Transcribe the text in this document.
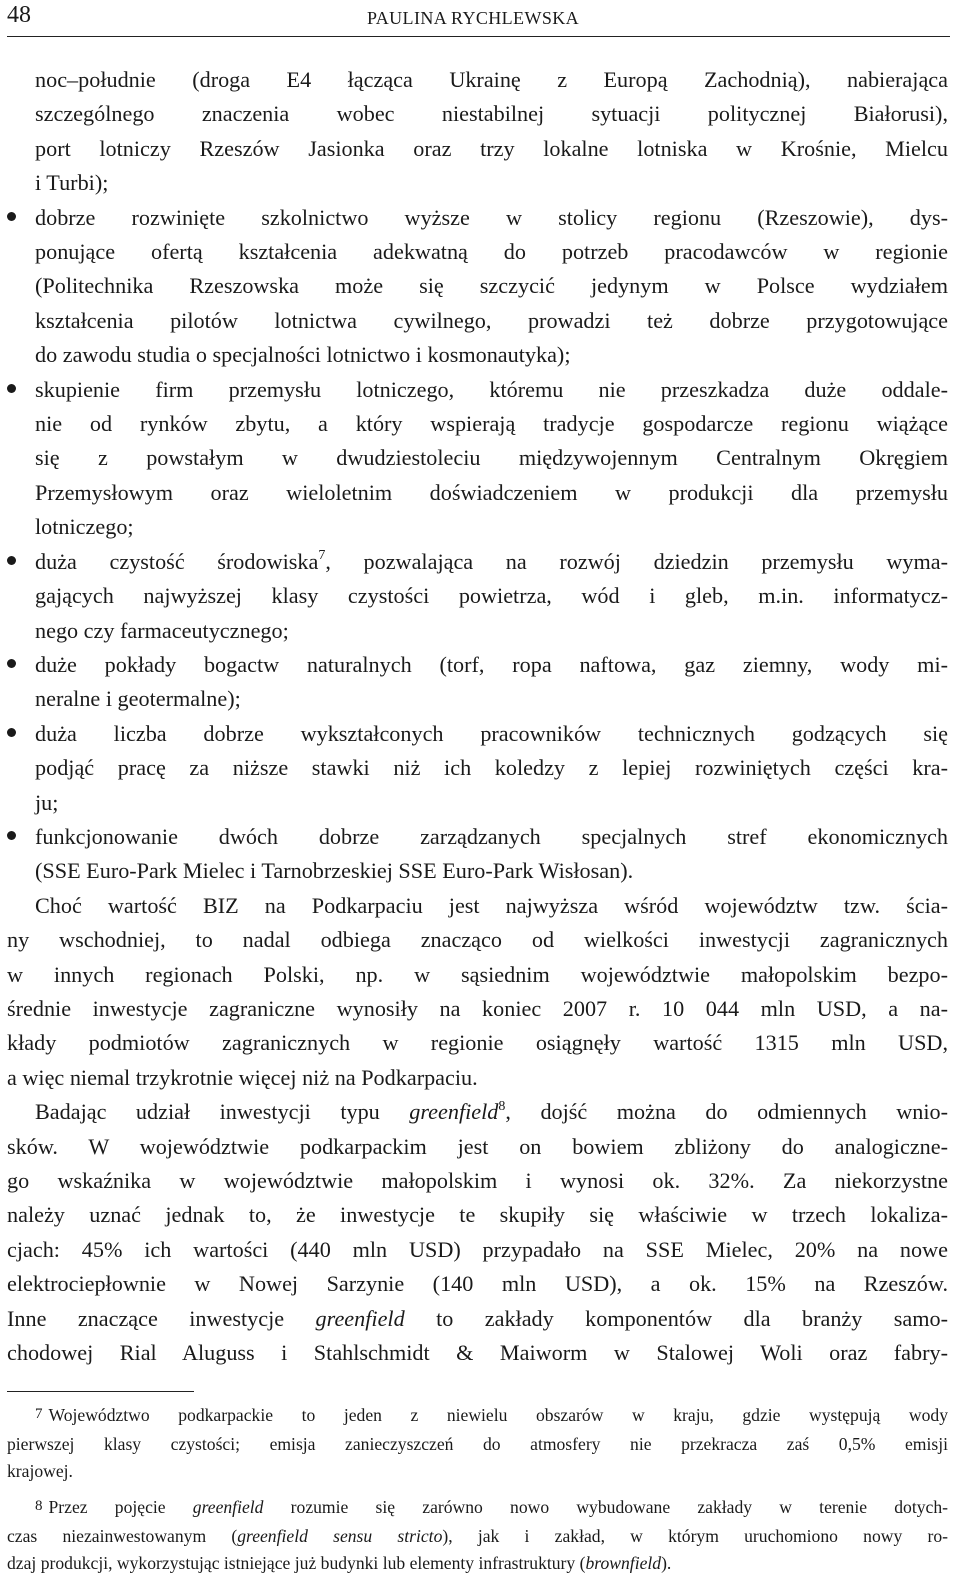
48	PAULINA RYCHLEWSKA
noc–południe (droga E4 łącząca Ukrainę z Europą Zachodnią), nabierająca
szczególnego znaczenia wobec niestabilnej sytuacji politycznej Białorusi),
port lotniczy Rzeszów Jasionka oraz trzy lokalne lotniska w Krośnie, Mielcu
i Turbi);
dobrze rozwinięte szkolnictwo wyższe w stolicy regionu (Rzeszowie), dys-
ponujące ofertą kształcenia adekwatną do potrzeb pracodawców w regionie
(Politechnika Rzeszowska może się szczycić jedynym w Polsce wydziałem
kształcenia pilotów lotnictwa cywilnego, prowadzi też dobrze przygotowujące
do zawodu studia o specjalności lotnictwo i kosmonautyka);
skupienie firm przemysłu lotniczego, któremu nie przeszkadza duże oddale-
nie od rynków zbytu, a który wspierają tradycje gospodarcze regionu wiążące
się z powstałym w dwudziestoleciu międzywojennym Centralnym Okręgiem
Przemysłowym oraz wieloletnim doświadczeniem w produkcji dla przemysłu
lotniczego;
duża czystość środowiska$^7$, pozwalająca na rozwój dziedzin przemysłu wyma-
gających najwyższej klasy czystości powietrza, wód i gleb, m.in. informatycz-
nego czy farmaceutycznego;
duże pokłady bogactw naturalnych (torf, ropa naftowa, gaz ziemny, wody mi-
neralne i geotermalne);
duża liczba dobrze wykształconych pracowników technicznych godzących się
podjąć pracę za niższe stawki niż ich koledzy z lepiej rozwiniętych części kra-
ju;
funkcjonowanie dwóch dobrze zarządzanych specjalnych stref ekonomicznych
(SSE Euro-Park Mielec i Tarnobrzeskiej SSE Euro-Park Wisłosan).
Choć wartość BIZ na Podkarpaciu jest najwyższa wśród województw tzw. ścia-
ny wschodniej, to nadal odbiega znacząco od wielkości inwestycji zagranicznych
w innych regionach Polski, np. w sąsiednim województwie małopolskim bezpo-
średnie inwestycje zagraniczne wynosiły na koniec 2007 r. 10 044 mln USD, a na-
kłady podmiotów zagranicznych w regionie osiągnęły wartość 1315 mln USD,
a więc niemal trzykrotnie więcej niż na Podkarpaciu.
Badając udział inwestycji typu greenfield$^8$, dojść można do odmiennych wnio-
sków. W województwie podkarpackim jest on bowiem zbliżony do analogiczne-
go wskaźnika w województwie małopolskim i wynosi ok. 32%. Za niekorzystne
należy uznać jednak to, że inwestycje te skupiły się właściwie w trzech lokaliza-
cjach: 45% ich wartości (440 mln USD) przypadało na SSE Mielec, 20% na nowe
elektrociepłownie w Nowej Sarzynie (140 mln USD), a ok. 15% na Rzeszów.
Inne znaczące inwestycje greenfield to zakłady komponentów dla branży samo-
chodowej Rial Aluguss i Stahlschmidt & Maiworm w Stalowej Woli oraz fabry-
7 Województwo podkarpackie to jeden z niewielu obszarów w kraju, gdzie występują wody
pierwszej klasy czystości; emisja zanieczyszczeń do atmosfery nie przekracza zaś 0,5% emisji
krajowej.
8 Przez pojęcie greenfield rozumie się zarówno nowo wybudowane zakłady w terenie dotych-
czas niezainwestowanym (greenfield sensu stricto), jak i zakład, w którym uruchomiono nowy ro-
dzaj produkcji, wykorzystując istniejące już budynki lub elementy infrastruktury (brownfield).
